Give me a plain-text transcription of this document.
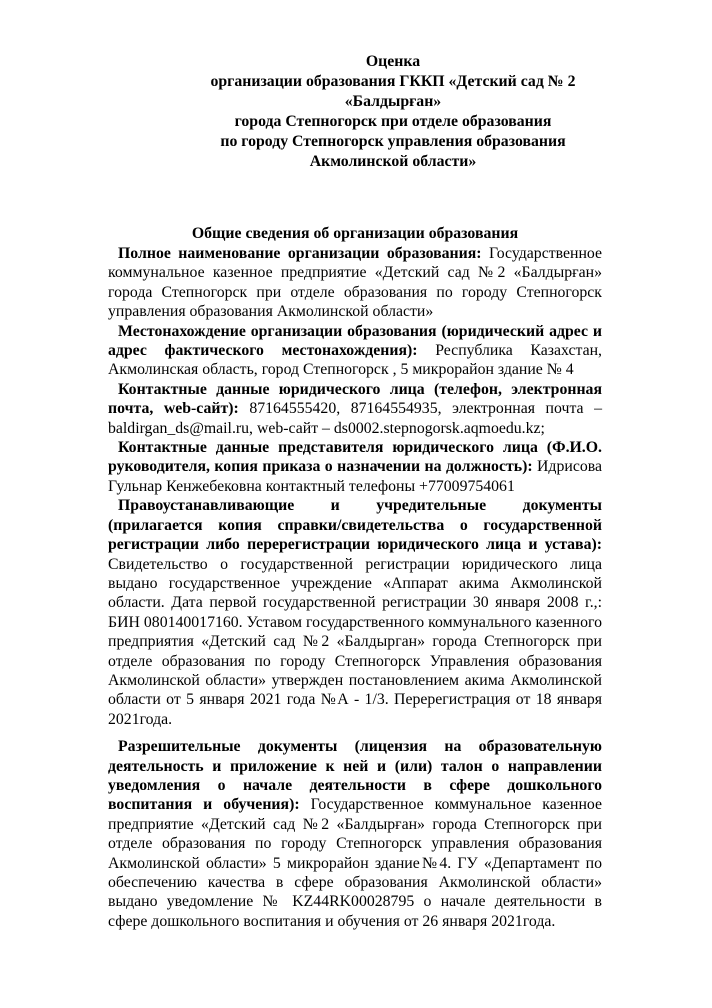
Оценка
организации образования ГККП «Детский сад № 2
«Балдырған»
города Степногорск при отделе образования
по городу Степногорск управления образования
Акмолинской области»
Общие сведения об организации образования

Полное наименование организации образования: Государственное коммунальное казенное предприятие «Детский сад №2 «Балдырған» города Степногорск при отделе образования по городу Степногорск управления образования Акмолинской области»

Местонахождение организации образования (юридический адрес и адрес фактического местонахождения): Республика Казахстан, Акмолинская область, город Степногорск , 5 микрорайон здание № 4

Контактные данные юридического лица (телефон, электронная почта, web-сайт): 87164555420, 87164554935, электронная почта – baldirgan_ds@mail.ru, web-сайт – ds0002.stepnogorsk.aqmoedu.kz;

Контактные данные представителя юридического лица (Ф.И.О. руководителя, копия приказа о назначении на должность): Идрисова Гульнар Кенжебековна контактный телефоны +77009754061

Правоустанавливающие и учредительные документы (прилагается копия справки/свидетельства о государственной регистрации либо перерегистрации юридического лица и устава): Свидетельство о государственной регистрации юридического лица выдано государственное учреждение «Аппарат акима Акмолинской области. Дата первой государственной регистрации 30 января 2008 г.,: БИН 080140017160. Уставом государственного коммунального казенного предприятия «Детский сад №2 «Балдырган» города Степногорск при отделе образования по городу Степногорск Управления образования Акмолинской области» утвержден постановлением акима Акмолинской области от 5 января 2021 года №А - 1/3. Перерегистрация от 18 января 2021года.

Разрешительные документы (лицензия на образовательную деятельность и приложение к ней и (или) талон о направлении уведомления о начале деятельности в сфере дошкольного воспитания и обучения): Государственное коммунальное казенное предприятие «Детский сад №2 «Балдырған» города Степногорск при отделе образования по городу Степногорск управления образования Акмолинской области» 5 микрорайон здание№4. ГУ «Департамент по обеспечению качества в сфере образования Акмолинской области» выдано уведомление № KZ44RK00028795 о начале деятельности в сфере дошкольного воспитания и обучения от 26 января 2021года.
